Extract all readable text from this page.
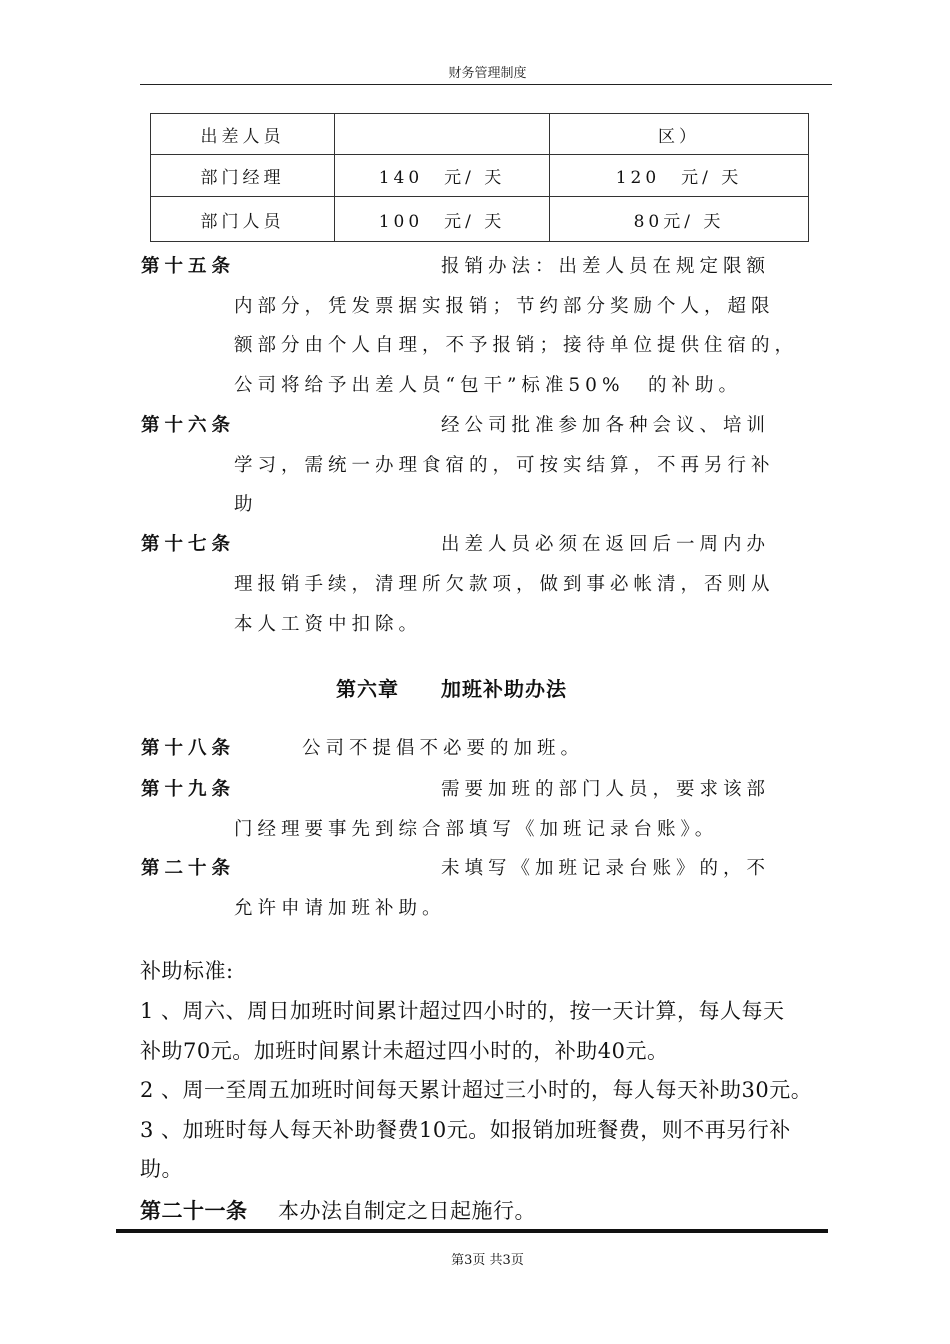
财务管理制度
出差人员		区）
部门经理	140　元/ 天	120　元/ 天
部门人员	100　元/ 天	80元/ 天
第十五条	报销办法：出差人员在规定限额
内部分，凭发票据实报销；节约部分奖励个人，超限
额部分由个人自理，不予报销；接待单位提供住宿的，
公司将给予出差人员“包干”标准50%　的补助。
第十六条	经公司批准参加各种会议、培训
学习，需统一办理食宿的，可按实结算，不再另行补
助
第十七条	出差人员必须在返回后一周内办
理报销手续，清理所欠款项，做到事必帐清，否则从
本人工资中扣除。
第六章　　加班补助办法
第十八条	公司不提倡不必要的加班。
第十九条	需要加班的部门人员，要求该部
门经理要事先到综合部填写《加班记录台账》。
第二十条	未填写《加班记录台账》的，不
允许申请加班补助。
补助标准:
1 、周六、周日加班时间累计超过四小时的，按一天计算，每人每天
补助70元。加班时间累计未超过四小时的，补助40元。
2 、周一至周五加班时间每天累计超过三小时的，每人每天补助30元。
3 、加班时每人每天补助餐费10元。如报销加班餐费，则不再另行补
助。
第二十一条 本办法自制定之日起施行。
第3页 共3页
